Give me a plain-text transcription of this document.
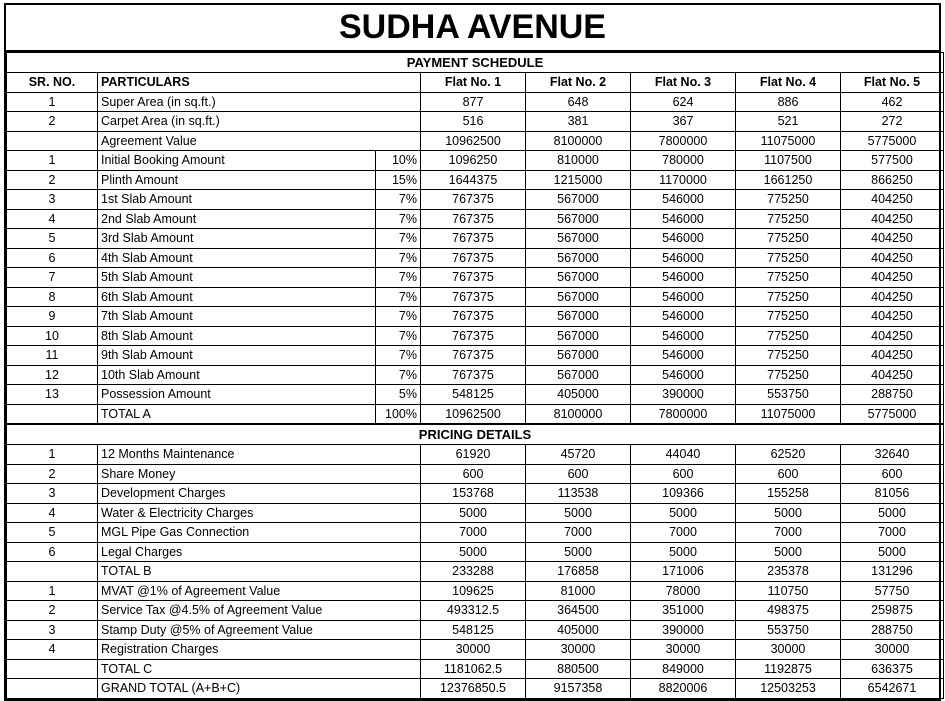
SUDHA AVENUE
PAYMENT SCHEDULE							
SR. NO.	PARTICULARS		Flat No. 1	Flat No. 2	Flat No. 3	Flat No. 4	Flat No. 5
1	Super Area (in sq.ft.)		877	648	624	886	462
2	Carpet Area (in sq.ft.)		516	381	367	521	272
	Agreement Value		10962500	8100000	7800000	11075000	5775000
1	Initial Booking Amount	10%	1096250	810000	780000	1107500	577500
2	Plinth Amount	15%	1644375	1215000	1170000	1661250	866250
3	1st Slab Amount	7%	767375	567000	546000	775250	404250
4	2nd Slab Amount	7%	767375	567000	546000	775250	404250
5	3rd Slab Amount	7%	767375	567000	546000	775250	404250
6	4th Slab Amount	7%	767375	567000	546000	775250	404250
7	5th Slab Amount	7%	767375	567000	546000	775250	404250
8	6th Slab Amount	7%	767375	567000	546000	775250	404250
9	7th Slab Amount	7%	767375	567000	546000	775250	404250
10	8th Slab Amount	7%	767375	567000	546000	775250	404250
11	9th Slab Amount	7%	767375	567000	546000	775250	404250
12	10th Slab Amount	7%	767375	567000	546000	775250	404250
13	Possession Amount	5%	548125	405000	390000	553750	288750
	TOTAL A	100%	10962500	8100000	7800000	11075000	5775000
PRICING DETAILS							
1	12 Months Maintenance		61920	45720	44040	62520	32640
2	Share Money		600	600	600	600	600
3	Development Charges		153768	113538	109366	155258	81056
4	Water & Electricity Charges		5000	5000	5000	5000	5000
5	MGL Pipe Gas Connection		7000	7000	7000	7000	7000
6	Legal Charges		5000	5000	5000	5000	5000
	TOTAL B		233288	176858	171006	235378	131296
1	MVAT @1% of Agreement Value		109625	81000	78000	110750	57750
2	Service Tax @4.5% of Agreement Value		493312.5	364500	351000	498375	259875
3	Stamp Duty @5% of Agreement Value		548125	405000	390000	553750	288750
4	Registration Charges		30000	30000	30000	30000	30000
	TOTAL C		1181062.5	880500	849000	1192875	636375
	GRAND TOTAL (A+B+C)		12376850.5	9157358	8820006	12503253	6542671
